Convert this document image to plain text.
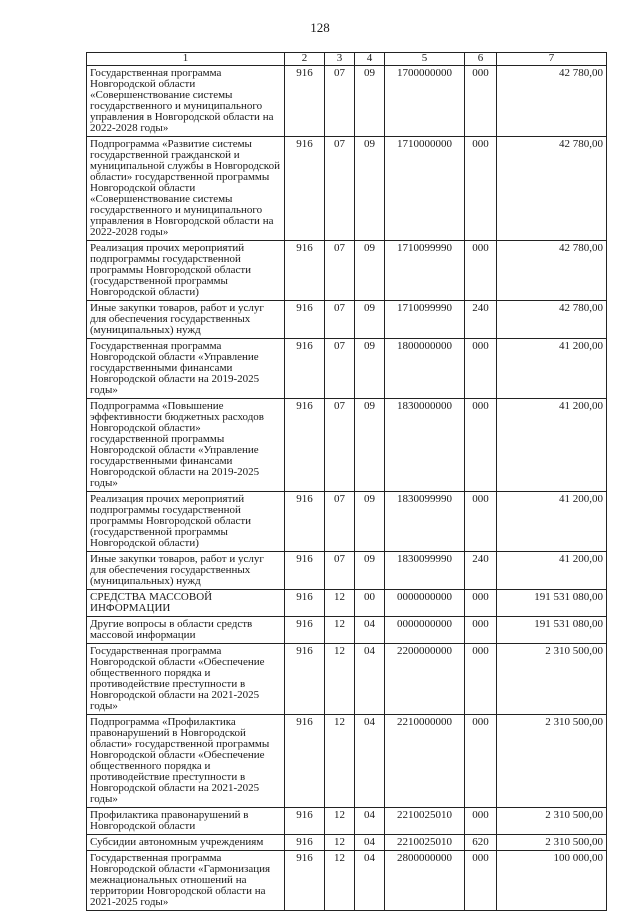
128
1	2	3	4	5	6	7
Государственная программа Новгородской области «Совершенствование системы государственного и муниципального управления в Новгородской области на 2022-2028 годы»	916	07	09	1700000000	000	42 780,00
Подпрограмма «Развитие системы государственной гражданской и муниципальной службы в Новгородской области» государственной программы Новгородской области «Совершенствование системы государственного и муниципального управления в Новгородской области на 2022-2028 годы»	916	07	09	1710000000	000	42 780,00
Реализация прочих мероприятий подпрограммы государственной программы Новгородской области (государственной программы Новгородской области)	916	07	09	1710099990	000	42 780,00
Иные закупки товаров, работ и услуг для обеспечения государственных (муниципальных) нужд	916	07	09	1710099990	240	42 780,00
Государственная программа Новгородской области «Управление государственными финансами Новгородской области на 2019-2025 годы»	916	07	09	1800000000	000	41 200,00
Подпрограмма «Повышение эффективности бюджетных расходов Новгородской области» государственной программы Новгородской области «Управление государственными финансами Новгородской области на 2019-2025 годы»	916	07	09	1830000000	000	41 200,00
Реализация прочих мероприятий подпрограммы государственной программы Новгородской области (государственной программы Новгородской области)	916	07	09	1830099990	000	41 200,00
Иные закупки товаров, работ и услуг для обеспечения государственных (муниципальных) нужд	916	07	09	1830099990	240	41 200,00
СРЕДСТВА МАССОВОЙ ИНФОРМАЦИИ	916	12	00	0000000000	000	191 531 080,00
Другие вопросы в области средств массовой информации	916	12	04	0000000000	000	191 531 080,00
Государственная программа Новгородской области «Обеспечение общественного порядка и противодействие преступности в Новгородской области на 2021-2025 годы»	916	12	04	2200000000	000	2 310 500,00
Подпрограмма «Профилактика правонарушений в Новгородской области» государственной программы Новгородской области «Обеспечение общественного порядка и противодействие преступности в Новгородской области на 2021-2025 годы»	916	12	04	2210000000	000	2 310 500,00
Профилактика правонарушений в Новгородской области	916	12	04	2210025010	000	2 310 500,00
Субсидии автономным учреждениям	916	12	04	2210025010	620	2 310 500,00
Государственная программа Новгородской области «Гармонизация межнациональных отношений на территории Новгородской области на 2021-2025 годы»	916	12	04	2800000000	000	100 000,00
